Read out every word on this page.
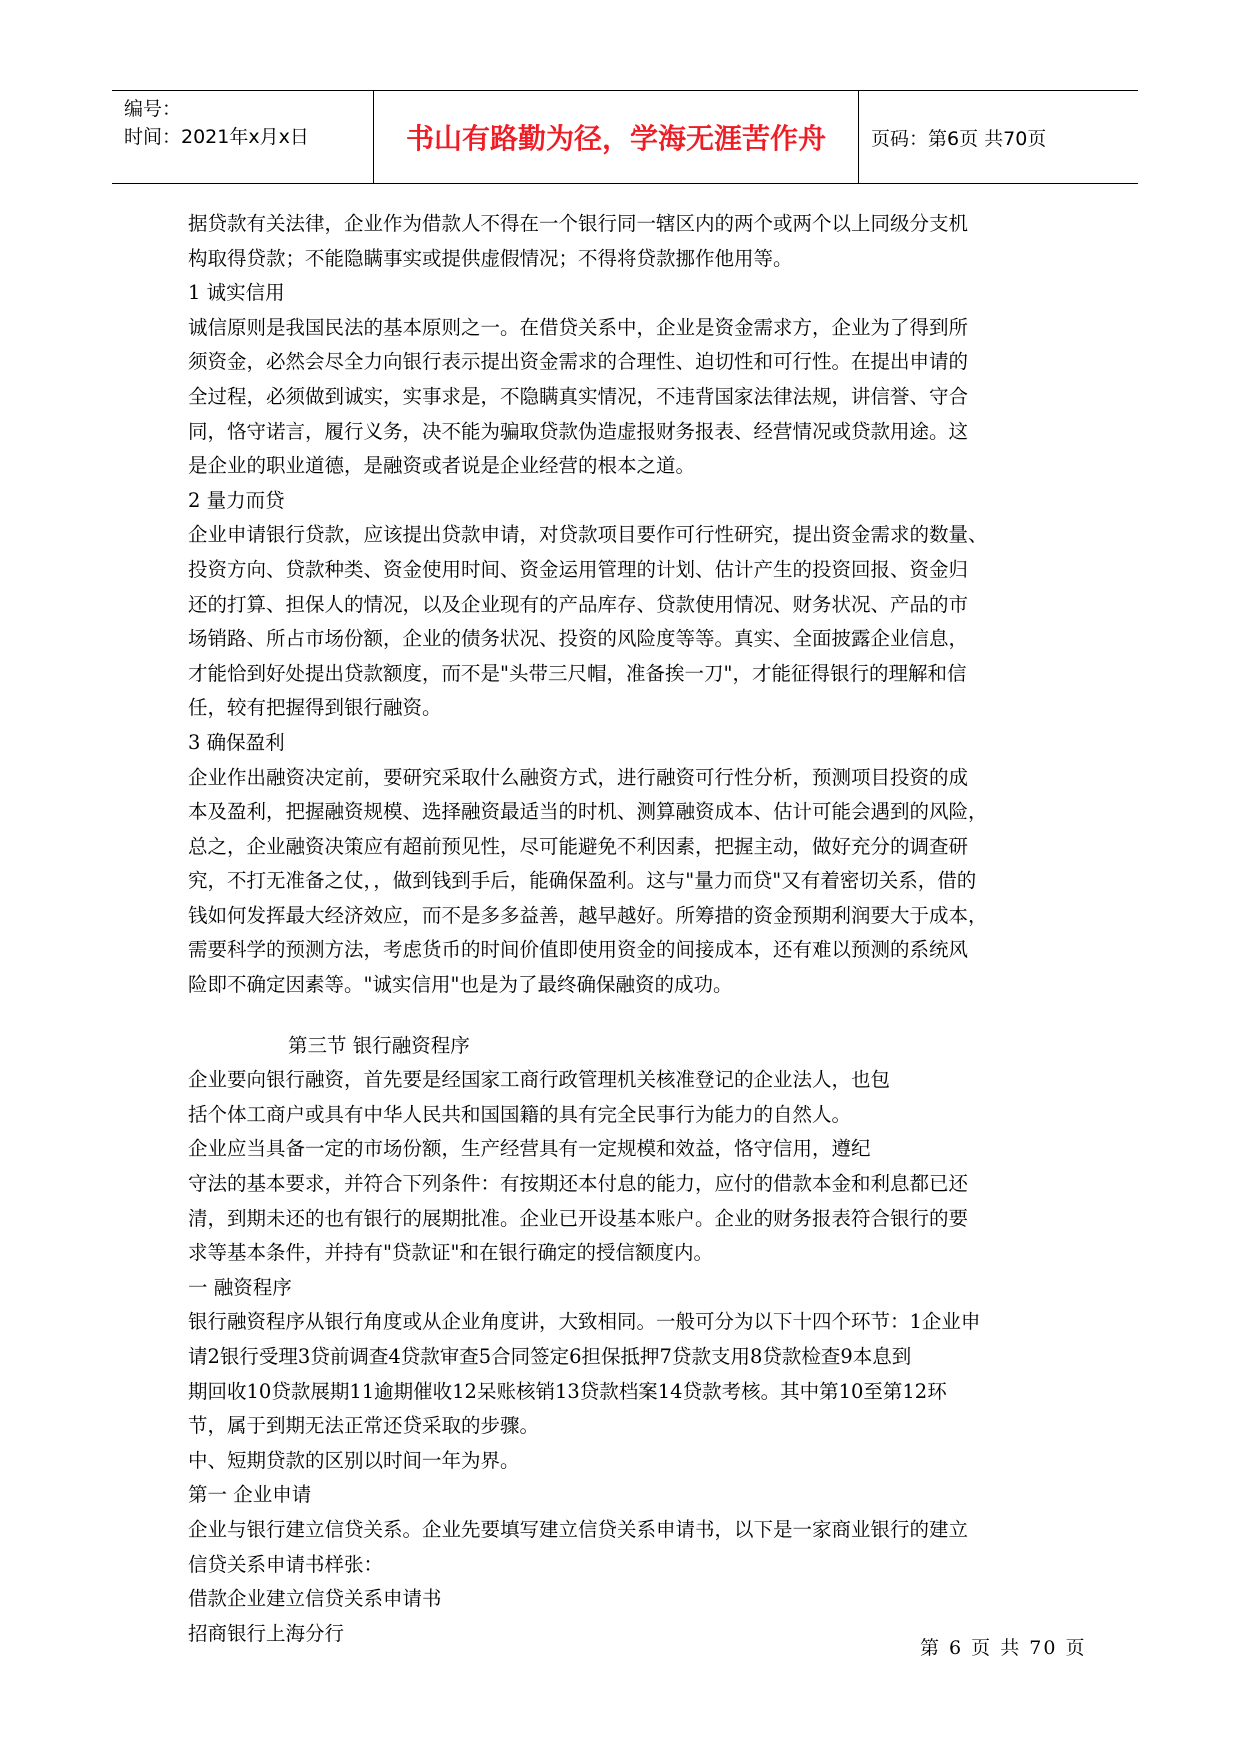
编号：
时间：2021年x月x日	书山有路勤为径，学海无涯苦作舟 页码：第6页 共70页

据贷款有关法律，企业作为借款人不得在一个银行同一辖区内的两个或两个以上同级分支机

构取得贷款；不能隐瞒事实或提供虚假情况；不得将贷款挪作他用等。

1 诚实信用

诚信原则是我国民法的基本原则之一。在借贷关系中，企业是资金需求方，企业为了得到所

须资金，必然会尽全力向银行表示提出资金需求的合理性、迫切性和可行性。在提出申请的

全过程，必须做到诚实，实事求是，不隐瞒真实情况，不违背国家法律法规，讲信誉、守合

同，恪守诺言，履行义务，决不能为骗取贷款伪造虚报财务报表、经营情况或贷款用途。这

是企业的职业道德，是融资或者说是企业经营的根本之道。

2 量力而贷

企业申请银行贷款，应该提出贷款申请，对贷款项目要作可行性研究，提出资金需求的数量、

投资方向、贷款种类、资金使用时间、资金运用管理的计划、估计产生的投资回报、资金归

还的打算、担保人的情况，以及企业现有的产品库存、贷款使用情况、财务状况、产品的市

场销路、所占市场份额，企业的债务状况、投资的风险度等等。真实、全面披露企业信息，

才能恰到好处提出贷款额度，而不是"头带三尺帽，准备挨一刀"，才能征得银行的理解和信

任，较有把握得到银行融资。

3 确保盈利

企业作出融资决定前，要研究采取什么融资方式，进行融资可行性分析，预测项目投资的成

本及盈利，把握融资规模、选择融资最适当的时机、测算融资成本、估计可能会遇到的风险，

总之，企业融资决策应有超前预见性，尽可能避免不利因素，把握主动，做好充分的调查研

究，不打无准备之仗，，做到钱到手后，能确保盈利。这与"量力而贷"又有着密切关系，借的

钱如何发挥最大经济效应，而不是多多益善，越早越好。所筹措的资金预期利润要大于成本，

需要科学的预测方法，考虑货币的时间价值即使用资金的间接成本，还有难以预测的系统风

险即不确定因素等。"诚实信用"也是为了最终确保融资的成功。

第三节 银行融资程序

企业要向银行融资，首先要是经国家工商行政管理机关核准登记的企业法人，也包

括个体工商户或具有中华人民共和国国籍的具有完全民事行为能力的自然人。

企业应当具备一定的市场份额，生产经营具有一定规模和效益，恪守信用，遵纪

守法的基本要求，并符合下列条件：有按期还本付息的能力，应付的借款本金和利息都已还

清，到期未还的也有银行的展期批准。企业已开设基本账户。企业的财务报表符合银行的要

求等基本条件，并持有"贷款证"和在银行确定的授信额度内。

一 融资程序

银行融资程序从银行角度或从企业角度讲，大致相同。一般可分为以下十四个环节：1企业申

请2银行受理3贷前调查4贷款审查5合同签定6担保抵押7贷款支用8贷款检查9本息到

期回收10贷款展期11逾期催收12呆账核销13贷款档案14贷款考核。其中第10至第12环

节，属于到期无法正常还贷采取的步骤。

中、短期贷款的区别以时间一年为界。

第一 企业申请

企业与银行建立信贷关系。企业先要填写建立信贷关系申请书，以下是一家商业银行的建立

信贷关系申请书样张：

借款企业建立信贷关系申请书

招商银行上海分行

第 6 页 共 70 页
